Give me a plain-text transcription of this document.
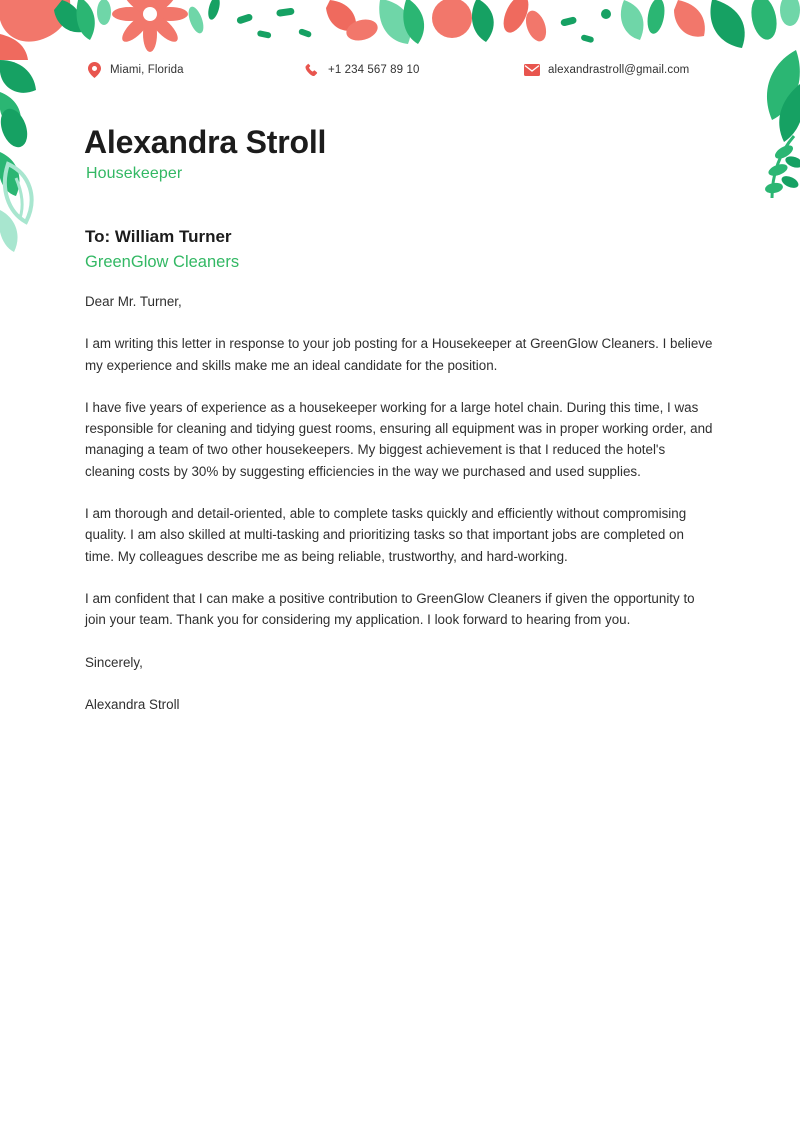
Miami, Florida	+1 234 567 89 10	alexandrastroll@gmail.com
Alexandra Stroll
Housekeeper
To: William Turner
GreenGlow Cleaners

Dear Mr. Turner,

I am writing this letter in response to your job posting for a Housekeeper at GreenGlow Cleaners. I believe my experience and skills make me an ideal candidate for the position.

I have five years of experience as a housekeeper working for a large hotel chain. During this time, I was responsible for cleaning and tidying guest rooms, ensuring all equipment was in proper working order, and managing a team of two other housekeepers. My biggest achievement is that I reduced the hotel's cleaning costs by 30% by suggesting efficiencies in the way we purchased and used supplies.

I am thorough and detail-oriented, able to complete tasks quickly and efficiently without compromising quality. I am also skilled at multi-tasking and prioritizing tasks so that important jobs are completed on time. My colleagues describe me as being reliable, trustworthy, and hard-working.

I am confident that I can make a positive contribution to GreenGlow Cleaners if given the opportunity to join your team. Thank you for considering my application. I look forward to hearing from you.

Sincerely,

Alexandra Stroll
